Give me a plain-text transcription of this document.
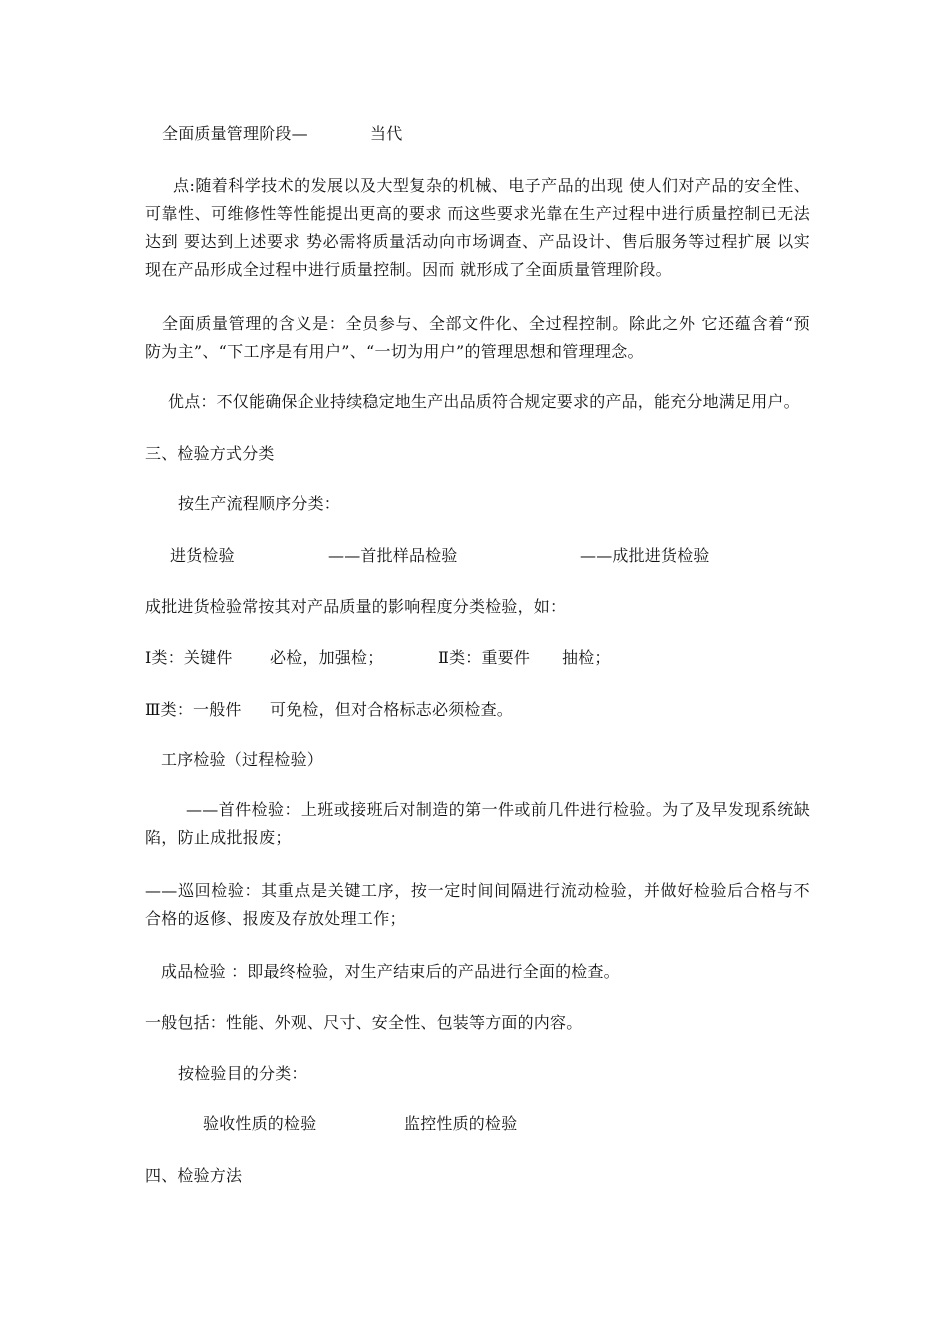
全面质量管理阶段—	当代
点:随着科学技术的发展以及大型复杂的机械、电子产品的出现 使人们对产品的安全性、可靠性、可维修性等性能提出更高的要求 而这些要求光靠在生产过程中进行质量控制已无法达到 要达到上述要求 势必需将质量活动向市场调查、产品设计、售后服务等过程扩展 以实现在产品形成全过程中进行质量控制。因而 就形成了全面质量管理阶段。
全面质量管理的含义是：全员参与、全部文件化、全过程控制。除此之外 它还蕴含着“预防为主”、“下工序是有用户”、“一切为用户”的管理思想和管理理念。
优点：不仅能确保企业持续稳定地生产出品质符合规定要求的产品，能充分地满足用户。
三、检验方式分类
按生产流程顺序分类：
进货检验	——首批样品检验	——成批进货检验
成批进货检验常按其对产品质量的影响程度分类检验，如：
Ⅰ类：关键件 必检，加强检；	Ⅱ类：重要件 抽检；
Ⅲ类：一般件 可免检，但对合格标志必须检查。
工序检验（过程检验）
——首件检验：上班或接班后对制造的第一件或前几件进行检验。为了及早发现系统缺陷，防止成批报废；
——巡回检验：其重点是关键工序，按一定时间间隔进行流动检验，并做好检验后合格与不合格的返修、报废及存放处理工作；
成品检验 ：即最终检验，对生产结束后的产品进行全面的检查。
一般包括：性能、外观、尺寸、安全性、包装等方面的内容。
按检验目的分类：
验收性质的检验	监控性质的检验
四、检验方法
